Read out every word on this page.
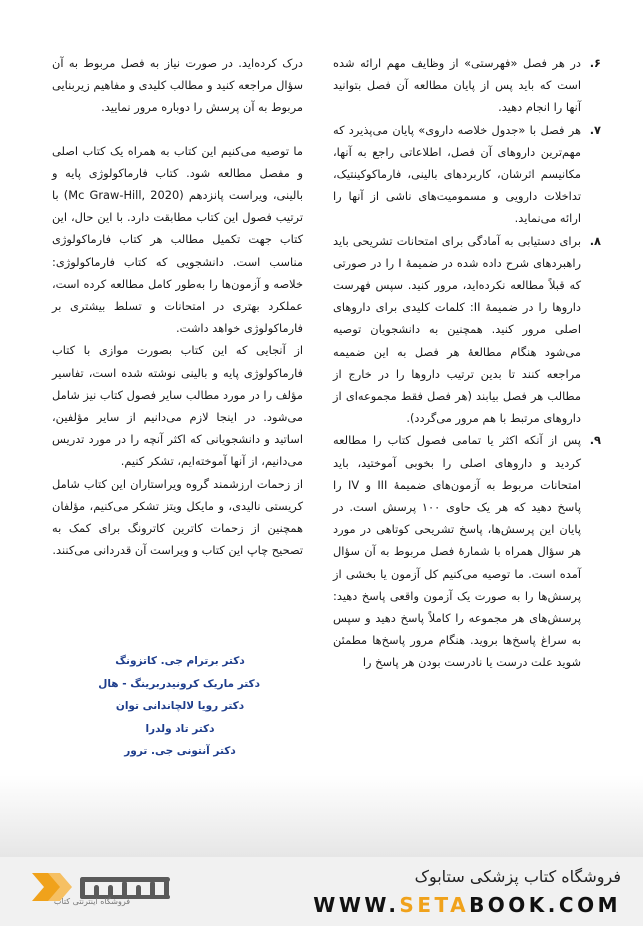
۶.

در هر فصل «فهرستی» از وظایف مهم ارائه شده است که باید پس از پایان مطالعه آن فصل بتوانید آنها را انجام دهید.

۷.

هر فصل با «جدول خلاصه داروی» پایان می‌پذیرد که مهم‌ترین داروهای آن فصل، اطلاعاتی راجع به آنها، مکانیسم اثرشان، کاربردهای بالینی، فارماکوکینتیک، تداخلات دارویی و مسمومیت‌های ناشی از آنها را ارائه می‌نماید.

۸.

برای دستیابی به آمادگی برای امتحانات تشریحی باید راهبردهای شرح داده شده در ضمیمهٔ I را در صورتی که قبلاً مطالعه نکرده‌اید، مرور کنید. سپس فهرست داروها را در ضمیمهٔ II: کلمات کلیدی برای داروهای اصلی مرور کنید. همچنین به دانشجویان توصیه می‌شود هنگام مطالعهٔ هر فصل به این ضمیمه مراجعه کنند تا بدین ترتیب داروها را در خارج از مطالب هر فصل بیابند (هر فصل فقط مجموعه‌ای از داروهای مرتبط با هم مرور می‌گردد).

۹.

پس از آنکه اکثر یا تمامی فصول کتاب را مطالعه کردید و داروهای اصلی را بخوبی آموختید، باید امتحانات مربوط به آزمون‌های ضمیمهٔ III و IV را پاسخ دهید که هر یک حاوی ۱۰۰ پرسش است. در پایان این پرسش‌ها، پاسخ تشریحی کوتاهی در مورد هر سؤال همراه با شمارهٔ فصل مربوط به آن سؤال آمده است. ما توصیه می‌کنیم کل آزمون یا بخشی از پرسش‌ها را به صورت یک آزمون واقعی پاسخ دهید: پرسش‌های هر مجموعه را کاملاً پاسخ دهید و سپس به سراغ پاسخ‌ها بروید. هنگام مرور پاسخ‌ها مطمئن شوید علت درست یا نادرست بودن هر پاسخ را

درک کرده‌اید. در صورت نیاز به فصل مربوط به آن سؤال مراجعه کنید و مطالب کلیدی و مفاهیم زیربنایی مربوط به آن پرسش را دوباره مرور نمایید.

ما توصیه می‌کنیم این کتاب به همراه یک کتاب اصلی و مفصل مطالعه شود. کتاب فارماکولوژی پایه و بالینی، ویراست پانزدهم (Mc Graw-Hill, 2020) با ترتیب فصول این کتاب مطابقت دارد. با این حال، این کتاب جهت تکمیل مطالب هر کتاب فارماکولوژی مناسب است. دانشجویی که کتاب فارماکولوژی: خلاصه و آزمون‌ها را به‌طور کامل مطالعه کرده است، عملکرد بهتری در امتحانات و تسلط بیشتری بر فارماکولوژی خواهد داشت.

از آنجایی که این کتاب بصورت موازی با کتاب فارماکولوژی پایه و بالینی نوشته شده است، تفاسیر مؤلف را در مورد مطالب سایر فصول کتاب نیز شامل می‌شود. در اینجا لازم می‌دانیم از سایر مؤلفین، اساتید و دانشجویانی که اکثر آنچه را در مورد تدریس می‌دانیم، از آنها آموخته‌ایم، تشکر کنیم.

از زحمات ارزشمند گروه ویراستاران این کتاب شامل کریستی نالیدی، و مایکل ویتز تشکر می‌کنیم، مؤلفان همچنین از زحمات کاترین کاترونگ برای کمک به تصحیح چاپ این کتاب و ویراست آن قدردانی می‌کنند.

دکتر برترام جی. کاتزونگ
دکتر ماریک کرونیدربرینگ - هال
دکتر رویا لالچاندانی توان
دکتر تاد ولدرا
دکتر آنتونی جی. ترور
فروشگاه اینترنتی کتاب
فروشگاه کتاب پزشکی ستابوک
WWW.SETABOOK.COM
